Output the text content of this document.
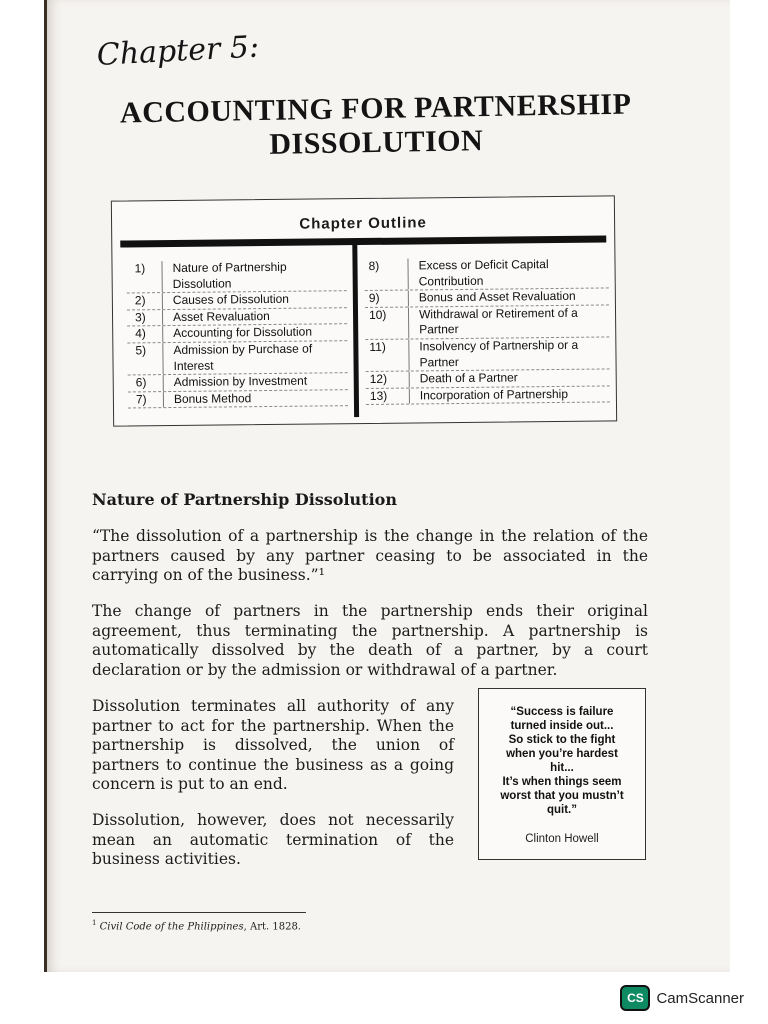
Chapter 5:
ACCOUNTING FOR PARTNERSHIP DISSOLUTION
Chapter Outline
1)	Nature of Partnership Dissolution
2)	Causes of Dissolution
3)	Asset Revaluation
4)	Accounting for Dissolution
5)	Admission by Purchase of Interest
6)	Admission by Investment
7)	Bonus Method
8)	Excess or Deficit Capital Contribution
9)	Bonus and Asset Revaluation
10)	Withdrawal or Retirement of a Partner
11)	Insolvency of Partnership or a Partner
12)	Death of a Partner
13)	Incorporation of Partnership
Nature of Partnership Dissolution

“The dissolution of a partnership is the change in the relation of the partners caused by any partner ceasing to be associated in the carrying on of the business.”¹

The change of partners in the partnership ends their original agreement, thus terminating the partnership. A partnership is automatically dissolved by the death of a partner, by a court declaration or by the admission or withdrawal of a partner.

Dissolution terminates all authority of any partner to act for the partnership. When the partnership is dissolved, the union of partners to continue the business as a going concern is put to an end.

Dissolution, however, does not necessarily mean an automatic termination of the business activities.

“Success is failure
turned inside out...
So stick to the fight
when you’re hardest
hit...
It’s when things seem
worst that you mustn’t
quit.”
Clinton Howell
$^1$ Civil Code of the Philippines, Art. 1828.
CS CamScanner
